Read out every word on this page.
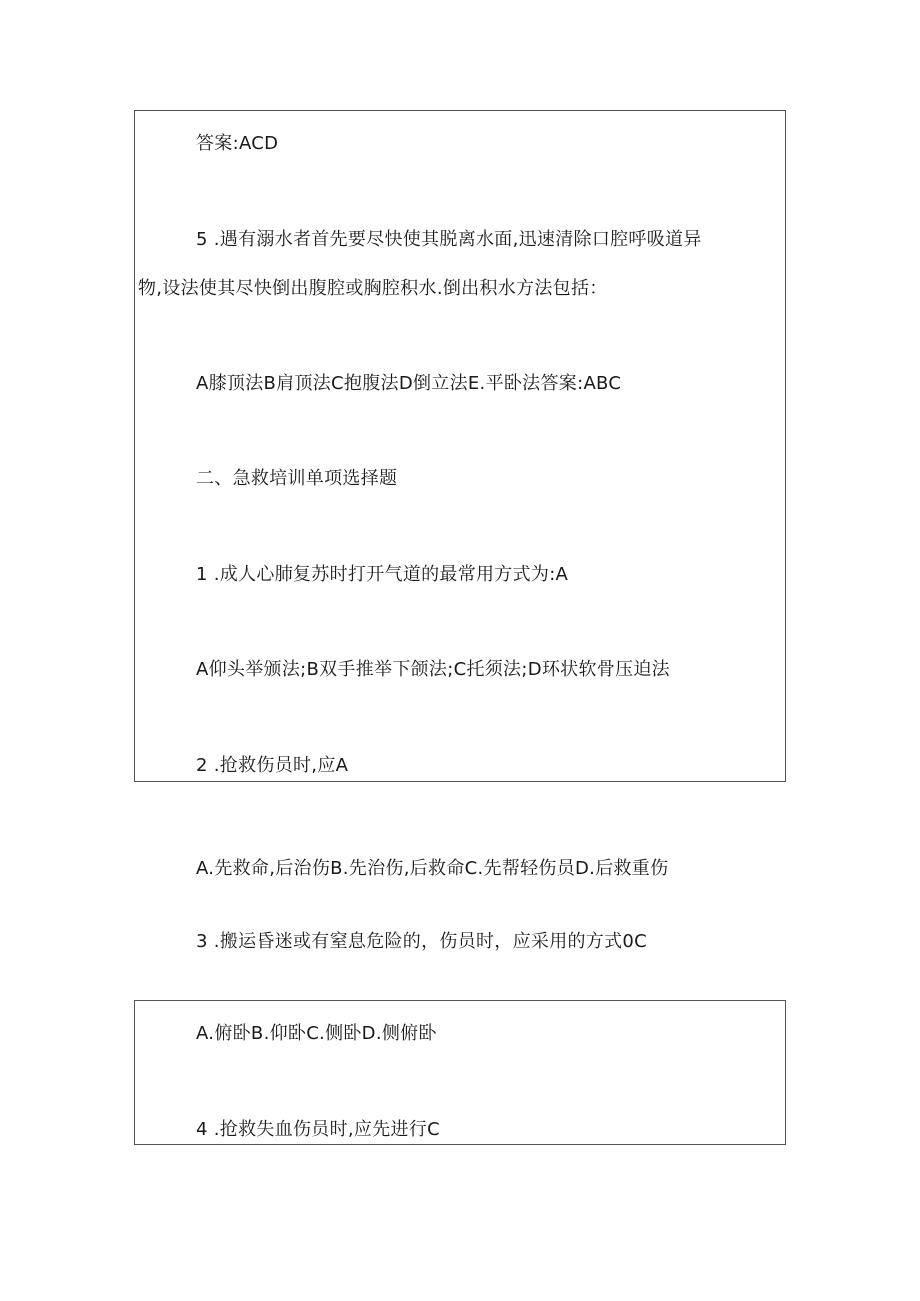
答案:ACD
5 .遇有溺水者首先要尽快使其脱离水面,迅速清除口腔呼吸道异
物,设法使其尽快倒出腹腔或胸腔积水.倒出积水方法包括：
A膝顶法B肩顶法C抱腹法D倒立法E.平卧法答案:ABC
二、急救培训单项选择题
1 .成人心肺复苏时打开气道的最常用方式为:A
A仰头举颁法;B双手推举下颌法;C托须法;D环状软骨压迫法
2 .抢救伤员时,应A
A.先救命,后治伤B.先治伤,后救命C.先帮轻伤员D.后救重伤
3 .搬运昏迷或有窒息危险的，伤员时，应采用的方式0C
A.俯卧B.仰卧C.侧卧D.侧俯卧
4 .抢救失血伤员时,应先进行C
